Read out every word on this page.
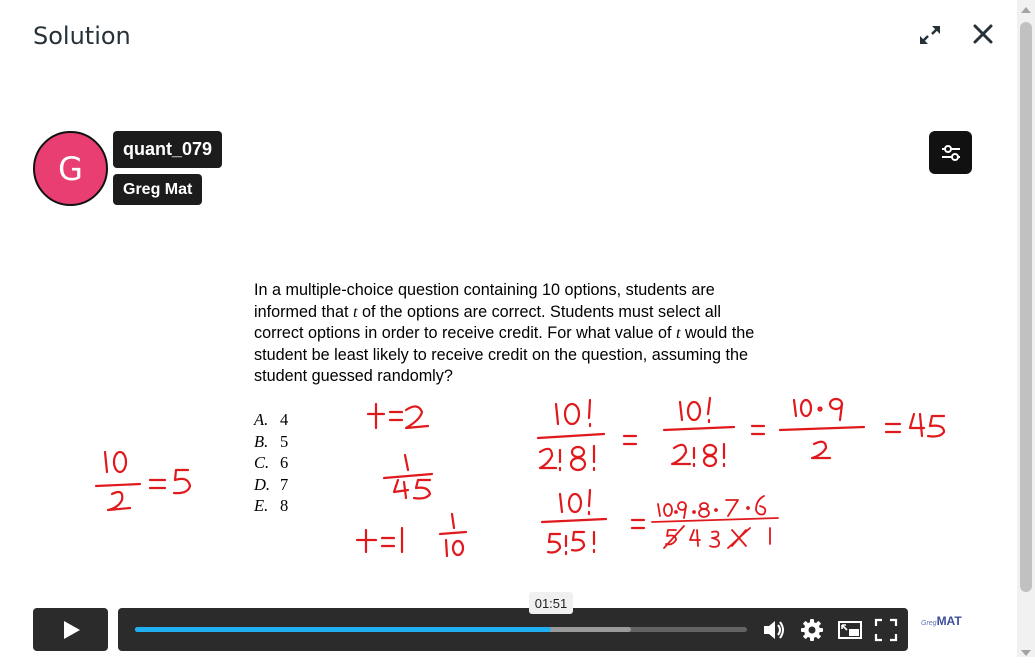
Solution
G
quant_079
Greg Mat

In a multiple-choice question containing 10 options, students are informed that t of the options are correct. Students must select all correct options in order to receive credit. For what value of t would the student be least likely to receive credit on the question, assuming the student guessed randomly?

A. 4
B. 5
C. 6
D. 7
E. 8
01:51
Greg MAT
